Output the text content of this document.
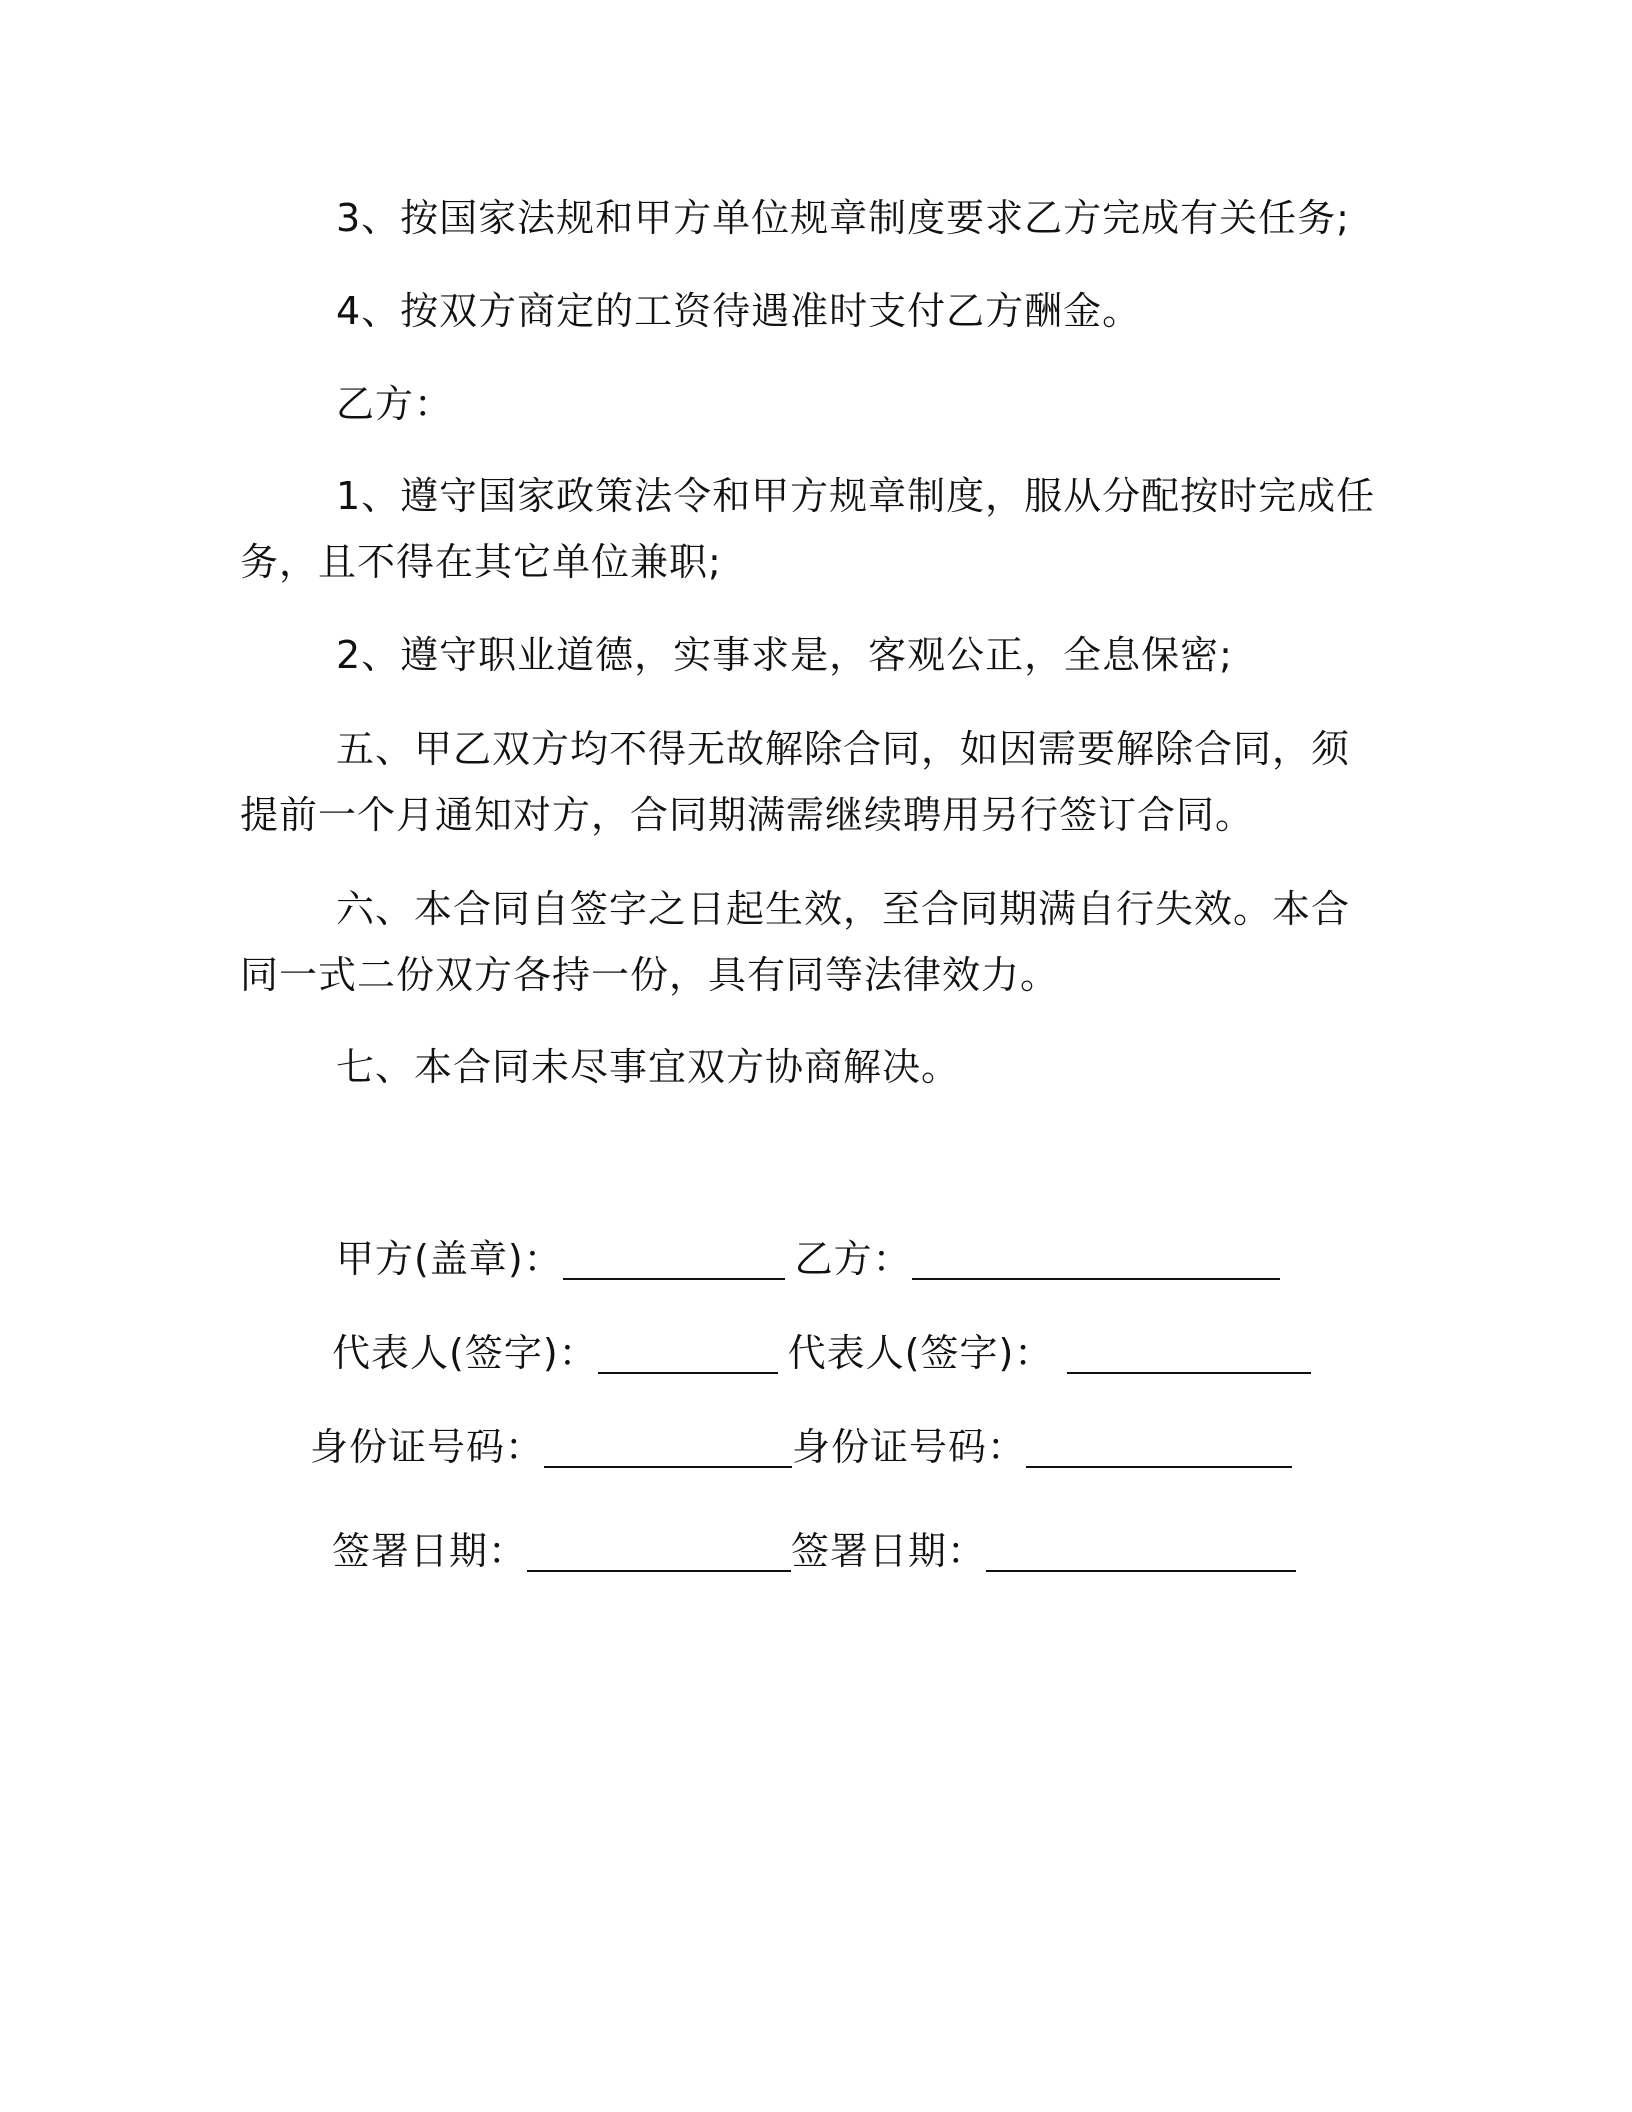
3、按国家法规和甲方单位规章制度要求乙方完成有关任务;
4、按双方商定的工资待遇准时支付乙方酬金。
乙方：
1、遵守国家政策法令和甲方规章制度，服从分配按时完成任务，且不得在其它单位兼职;
2、遵守职业道德，实事求是，客观公正，全息保密;
五、甲乙双方均不得无故解除合同，如因需要解除合同，须提前一个月通知对方，合同期满需继续聘用另行签订合同。
六、本合同自签字之日起生效，至合同期满自行失效。本合同一式二份双方各持一份，具有同等法律效力。
七、本合同未尽事宜双方协商解决。
甲方(盖章)：	乙方：
代表人(签字)：	代表人(签字)：
身份证号码：	身份证号码：
签署日期：	签署日期：
